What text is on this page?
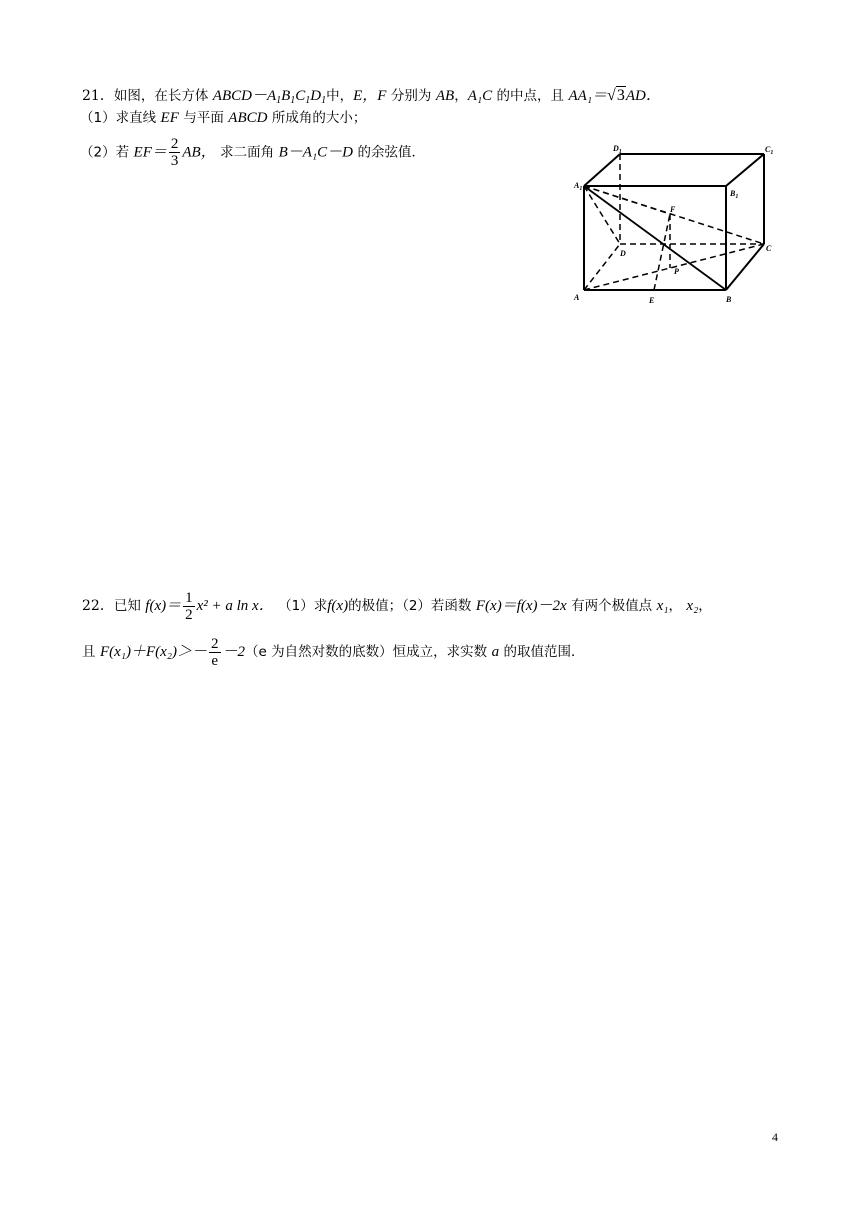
21．如图，在长方体 $ABCD-A_1B_1C_1D_1$中，E，F 分别为 AB，A₁C 的中点，且 AA₁＝√3AD．
（1）求直线 EF 与平面 ABCD 所成角的大小；
（2）若 $EF= \frac{2}{3}$ AB， 求二面角 B－A₁C－D 的余弦值．
A	B
C
D
E
F
P
$A_1$	$B_1$
$C_1$
$D_1$
22．已知 $f(x)= \frac{1}{2} x^2 + a$ ln x． （1）求f(x)的极值；（2）若函数 F(x)＝f(x)－2x 有两个极值点 x₁， x₂，
且 $F(x_1)+F(x_2)>- \frac{2}{e} -2(e$ 为自然对数的底数）恒成立，求实数 a 的取值范围．
4
